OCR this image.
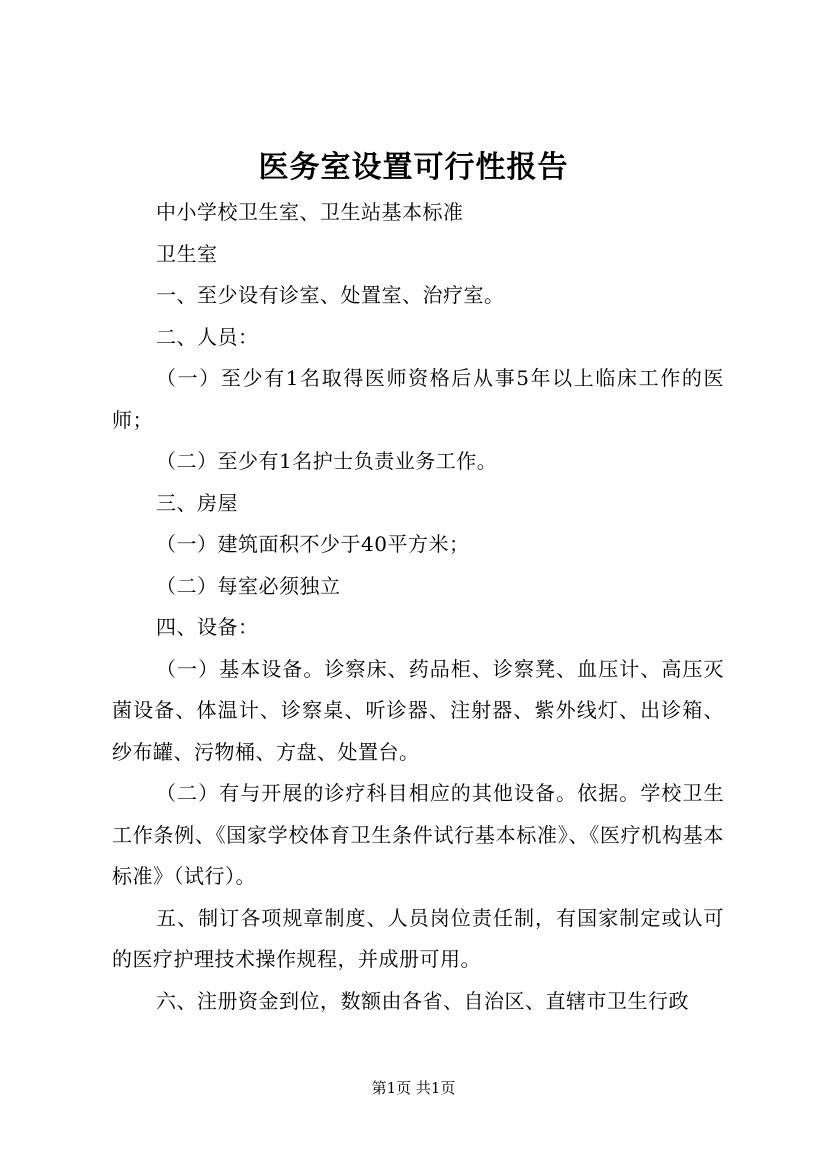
医务室设置可行性报告

中小学校卫生室、卫生站基本标准

卫生室

一、至少设有诊室、处置室、治疗室。

二、人员：

（一）至少有1名取得医师资格后从事5年以上临床工作的医师；

（二）至少有1名护士负责业务工作。

三、房屋

（一）建筑面积不少于40平方米；

（二）每室必须独立

四、设备：

（一）基本设备。诊察床、药品柜、诊察凳、血压计、高压灭菌设备、体温计、诊察桌、听诊器、注射器、紫外线灯、出诊箱、纱布罐、污物桶、方盘、处置台。

（二）有与开展的诊疗科目相应的其他设备。依据。学校卫生工作条例、《国家学校体育卫生条件试行基本标准》、《医疗机构基本标准》（试行）。

五、制订各项规章制度、人员岗位责任制，有国家制定或认可的医疗护理技术操作规程，并成册可用。

六、注册资金到位，数额由各省、自治区、直辖市卫生行政

第1页 共1页
